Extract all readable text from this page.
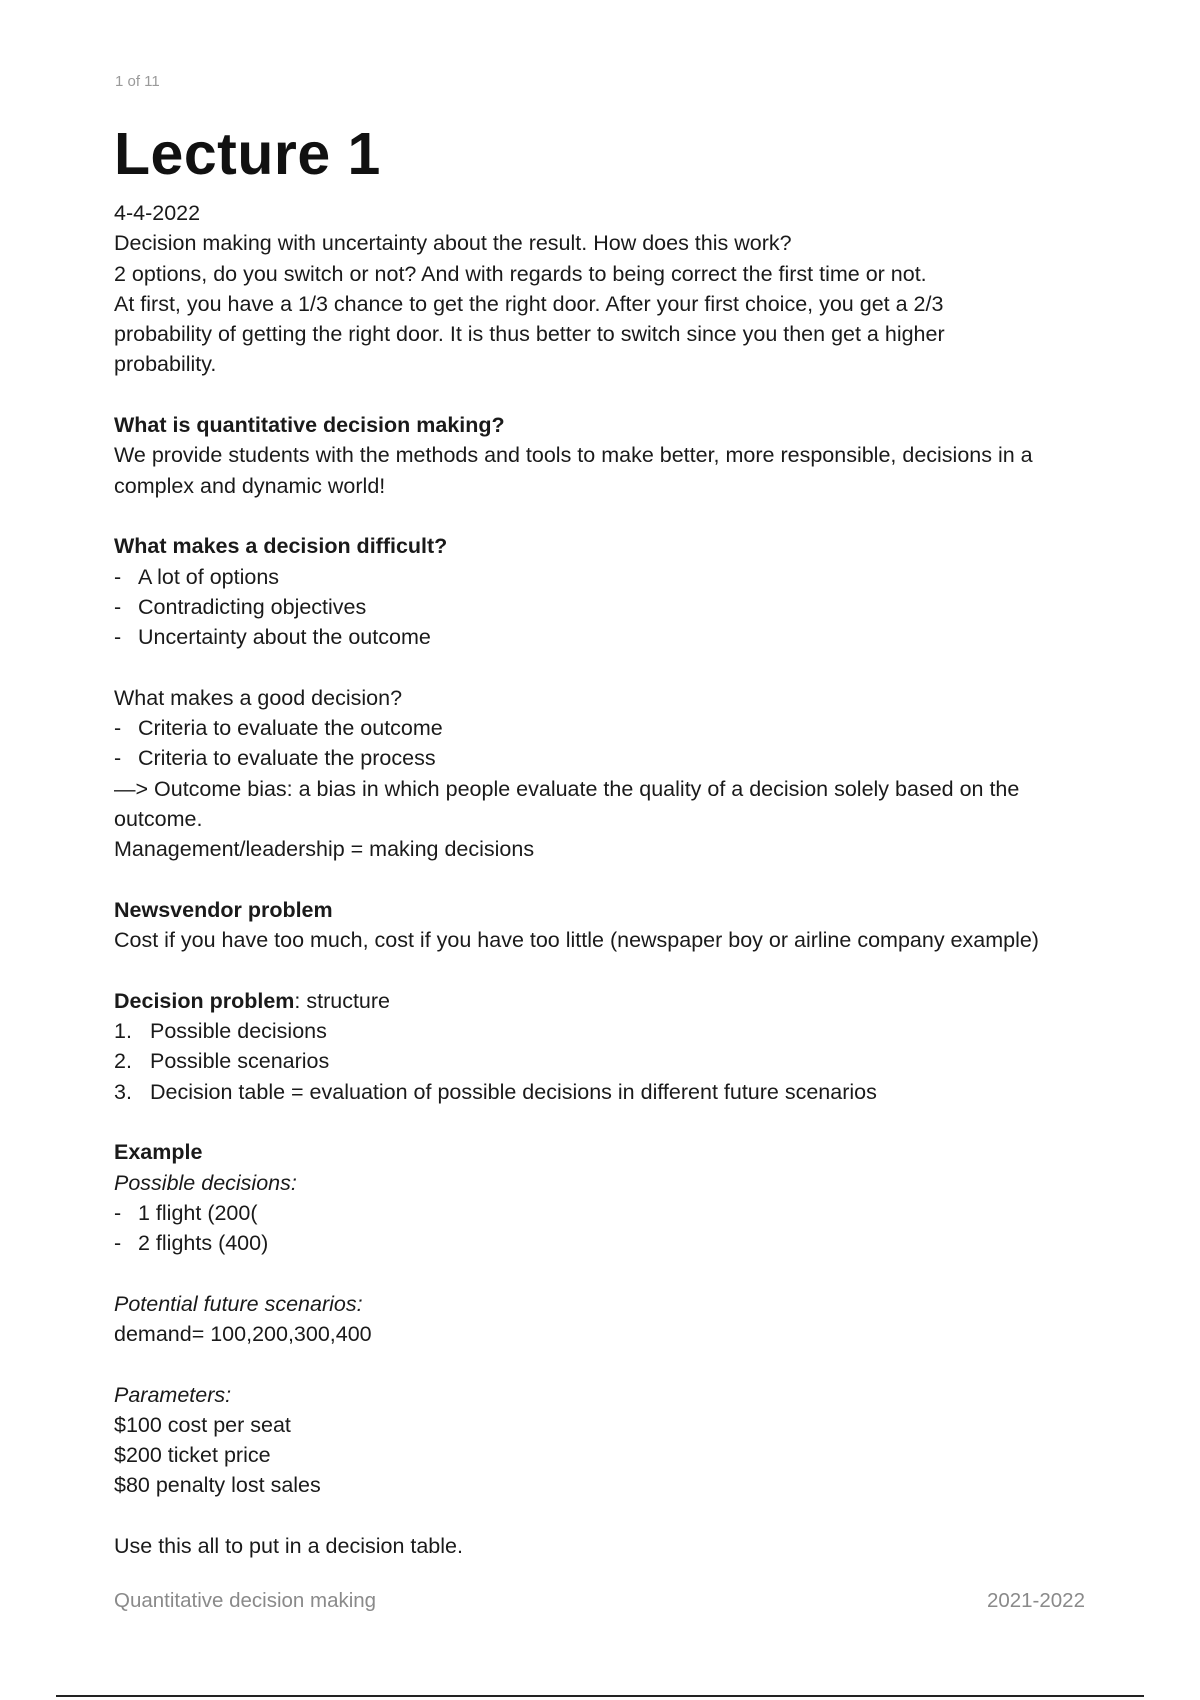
1 of 11
Lecture 1
4-4-2022
Decision making with uncertainty about the result. How does this work?
2 options, do you switch or not? And with regards to being correct the first time or not.
At first, you have a 1/3 chance to get the right door. After your first choice, you get a 2/3
probability of getting the right door. It is thus better to switch since you then get a higher
probability.
What is quantitative decision making?
We provide students with the methods and tools to make better, more responsible, decisions in a
complex and dynamic world!
What makes a decision difficult?
- A lot of options
- Contradicting objectives
- Uncertainty about the outcome
What makes a good decision?
- Criteria to evaluate the outcome
- Criteria to evaluate the process
—> Outcome bias: a bias in which people evaluate the quality of a decision solely based on the
outcome.
Management/leadership = making decisions
Newsvendor problem
Cost if you have too much, cost if you have too little (newspaper boy or airline company example)
Decision problem: structure
1. Possible decisions
2. Possible scenarios
3. Decision table = evaluation of possible decisions in different future scenarios
Example
Possible decisions:
- 1 flight (200(
- 2 flights (400)
Potential future scenarios:
demand= 100,200,300,400
Parameters:
$100 cost per seat
$200 ticket price
$80 penalty lost sales
Use this all to put in a decision table.
Quantitative decision making	2021-2022
